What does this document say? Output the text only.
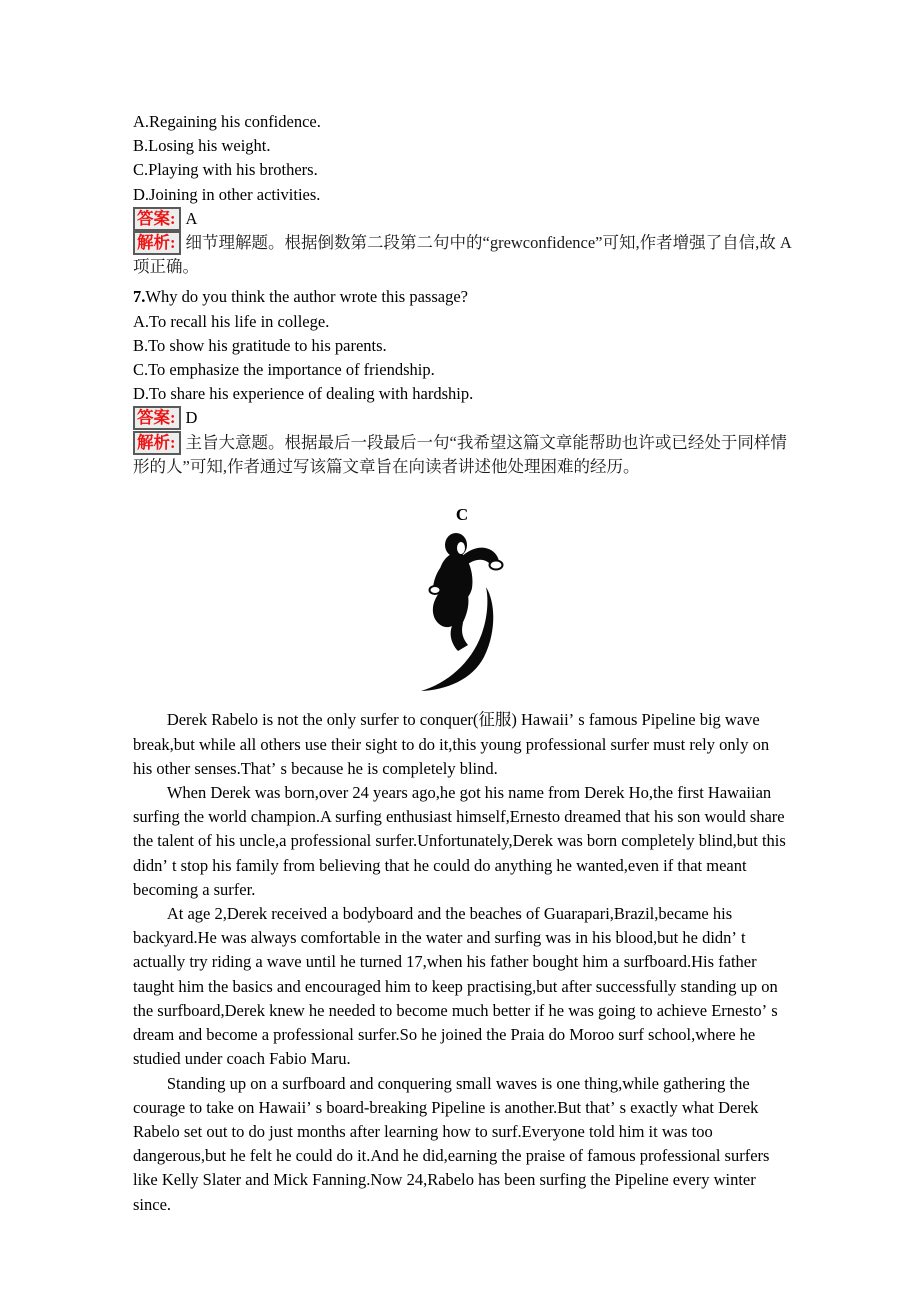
A.Regaining his confidence.
B.Losing his weight.
C.Playing with his brothers.
D.Joining in other activities.
答案: A
解析: 细节理解题。根据倒数第二段第二句中的“grewconfidence”可知,作者增强了自信,故 A 项正确。
7.Why do you think the author wrote this passage?
A.To recall his life in college.
B.To show his gratitude to his parents.
C.To emphasize the importance of friendship.
D.To share his experience of dealing with hardship.
答案: D
解析: 主旨大意题。根据最后一段最后一句“我希望这篇文章能帮助也许或已经处于同样情形的人”可知,作者通过写该篇文章旨在向读者讲述他处理困难的经历。
C

Derek Rabelo is not the only surfer to conquer(征服) Hawaii’ s famous Pipeline big wave break,but while all others use their sight to do it,this young professional surfer must rely only on his other senses.That’ s because he is completely blind.

When Derek was born,over 24 years ago,he got his name from Derek Ho,the first Hawaiian surfing the world champion.A surfing enthusiast himself,Ernesto dreamed that his son would share the talent of his uncle,a professional surfer.Unfortunately,Derek was born completely blind,but this didn’ t stop his family from believing that he could do anything he wanted,even if that meant becoming a surfer.

At age 2,Derek received a bodyboard and the beaches of Guarapari,Brazil,became his backyard.He was always comfortable in the water and surfing was in his blood,but he didn’ t actually try riding a wave until he turned 17,when his father bought him a surfboard.His father taught him the basics and encouraged him to keep practising,but after successfully standing up on the surfboard,Derek knew he needed to become much better if he was going to achieve Ernesto’ s dream and become a professional surfer.So he joined the Praia do Moroo surf school,where he studied under coach Fabio Maru.

Standing up on a surfboard and conquering small waves is one thing,while gathering the courage to take on Hawaii’ s board-breaking Pipeline is another.But that’ s exactly what Derek Rabelo set out to do just months after learning how to surf.Everyone told him it was too dangerous,but he felt he could do it.And he did,earning the praise of famous professional surfers like Kelly Slater and Mick Fanning.Now 24,Rabelo has been surfing the Pipeline every winter since.
